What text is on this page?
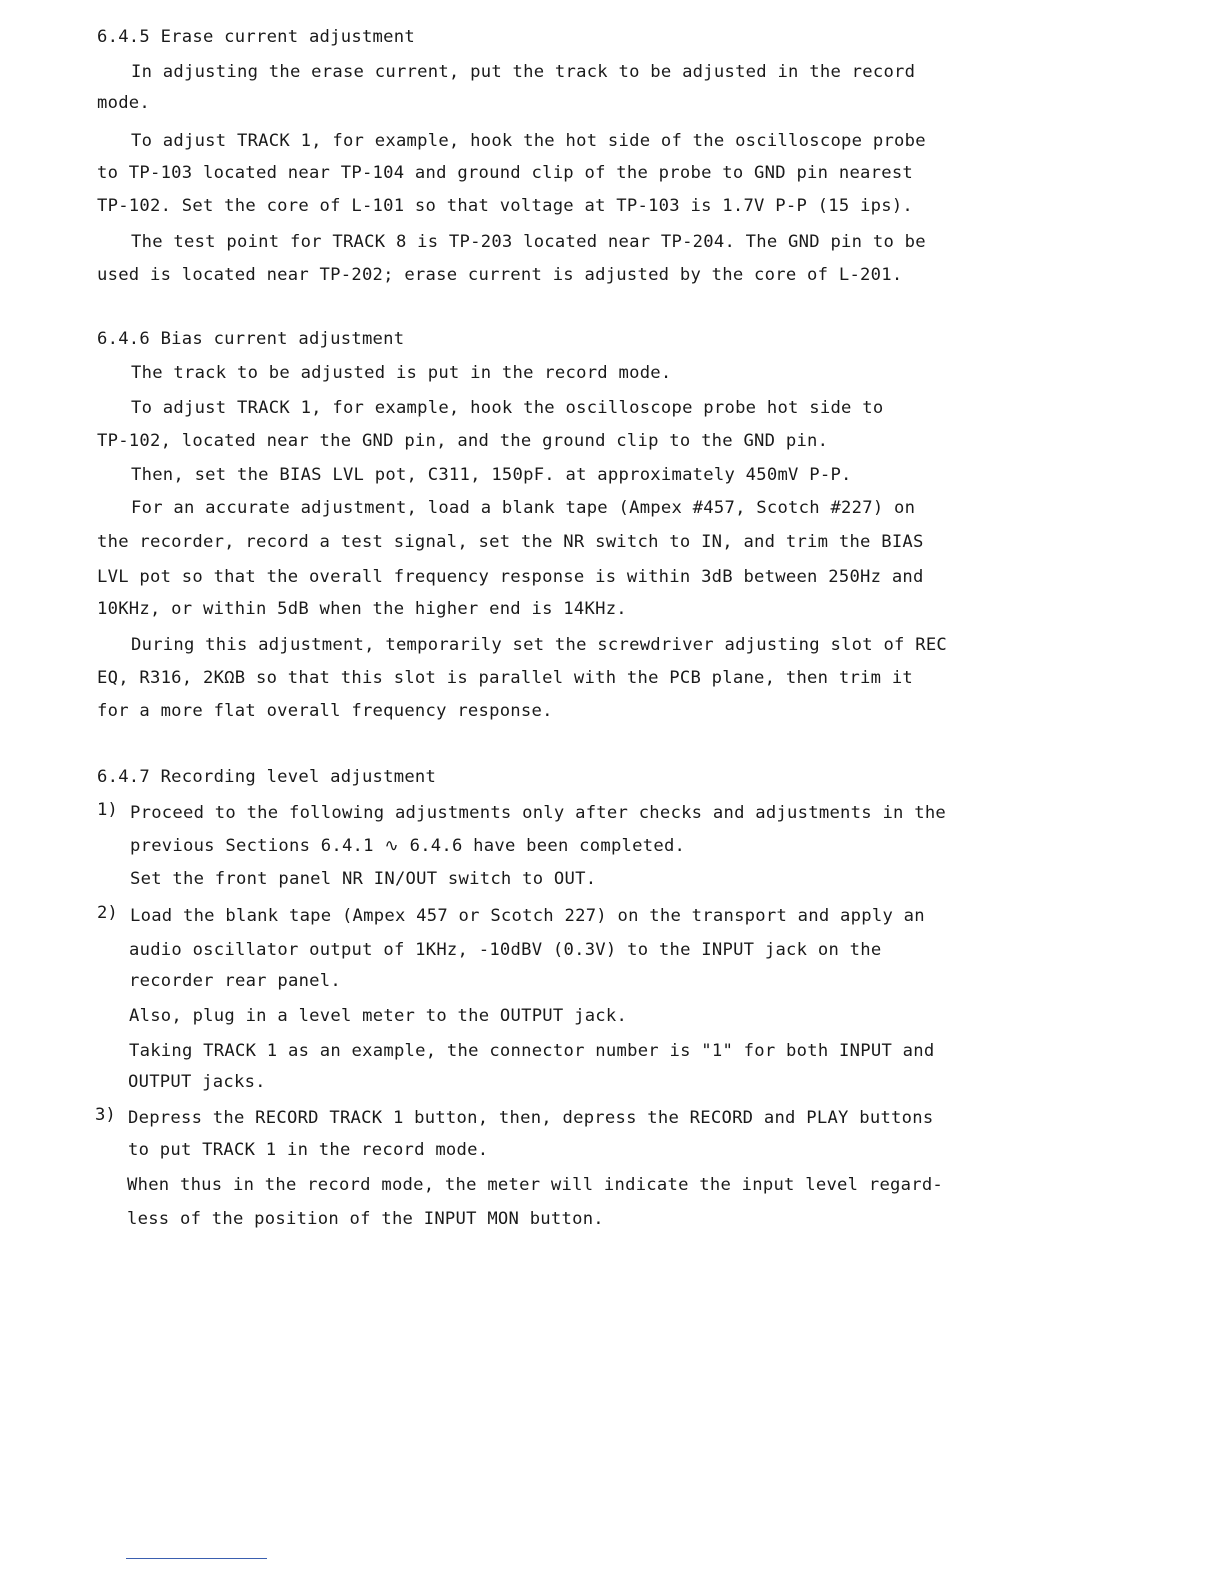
6.4.5 Erase current adjustment
In adjusting the erase current, put the track to be adjusted in the record
mode.
To adjust TRACK 1, for example, hook the hot side of the oscilloscope probe
to TP-103 located near TP-104 and ground clip of the probe to GND pin nearest
TP-102. Set the core of L-101 so that voltage at TP-103 is 1.7V P-P (15 ips).
The test point for TRACK 8 is TP-203 located near TP-204. The GND pin to be
used is located near TP-202; erase current is adjusted by the core of L-201.
6.4.6 Bias current adjustment
The track to be adjusted is put in the record mode.
To adjust TRACK 1, for example, hook the oscilloscope probe hot side to
TP-102, located near the GND pin, and the ground clip to the GND pin.
Then, set the BIAS LVL pot, C311, 150pF. at approximately 450mV P-P.
For an accurate adjustment, load a blank tape (Ampex #457, Scotch #227) on
the recorder, record a test signal, set the NR switch to IN, and trim the BIAS
LVL pot so that the overall frequency response is within 3dB between 250Hz and
10KHz, or within 5dB when the higher end is 14KHz.
During this adjustment, temporarily set the screwdriver adjusting slot of REC
EQ, R316, 2KΩB so that this slot is parallel with the PCB plane, then trim it
for a more flat overall frequency response.
6.4.7 Recording level adjustment
1) Proceed to the following adjustments only after checks and adjustments in the
previous Sections 6.4.1 ∿ 6.4.6 have been completed.
Set the front panel NR IN/OUT switch to OUT.
2) Load the blank tape (Ampex 457 or Scotch 227) on the transport and apply an
audio oscillator output of 1KHz, -10dBV (0.3V) to the INPUT jack on the
recorder rear panel.
Also, plug in a level meter to the OUTPUT jack.
Taking TRACK 1 as an example, the connector number is "1" for both INPUT and
OUTPUT jacks.
3) Depress the RECORD TRACK 1 button, then, depress the RECORD and PLAY buttons
to put TRACK 1 in the record mode.
When thus in the record mode, the meter will indicate the input level regard-
less of the position of the INPUT MON button.
